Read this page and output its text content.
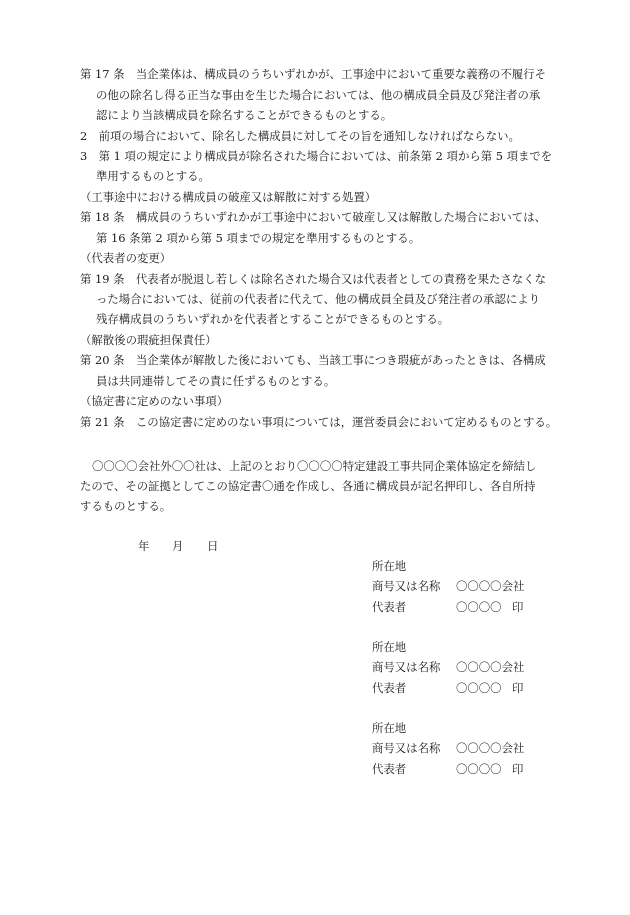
第 17 条　当企業体は、構成員のうちいずれかが、工事途中において重要な義務の不履行そ
の他の除名し得る正当な事由を生じた場合においては、他の構成員全員及び発注者の承
認により当該構成員を除名することができるものとする。
2　前項の場合において、除名した構成員に対してその旨を通知しなければならない。
3　第 1 項の規定により構成員が除名された場合においては、前条第 2 項から第 5 項までを
準用するものとする。
（工事途中における構成員の破産又は解散に対する処置）
第 18 条　構成員のうちいずれかが工事途中において破産し又は解散した場合においては、
第 16 条第 2 項から第 5 項までの規定を準用するものとする。
（代表者の変更）
第 19 条　代表者が脱退し若しくは除名された場合又は代表者としての責務を果たさなくな
った場合においては、従前の代表者に代えて、他の構成員全員及び発注者の承認により
残存構成員のうちいずれかを代表者とすることができるものとする。
（解散後の瑕疵担保責任）
第 20 条　当企業体が解散した後においても、当該工事につき瑕疵があったときは、各構成
員は共同連帯してその責に任ずるものとする。
（協定書に定めのない事項）
第 21 条　この協定書に定めのない事項については，運営委員会において定めるものとする。
〇〇〇〇会社外〇〇社は、上記のとおり〇〇〇〇特定建設工事共同企業体協定を締結し
たので、その証拠としてこの協定書〇通を作成し、各通に構成員が記名押印し、各自所持
するものとする。
年 月 日
所在地
商号又は名称 〇〇〇〇会社
代表者	〇〇〇〇 印
所在地
商号又は名称 〇〇〇〇会社
代表者	〇〇〇〇 印
所在地
商号又は名称 〇〇〇〇会社
代表者	〇〇〇〇 印
